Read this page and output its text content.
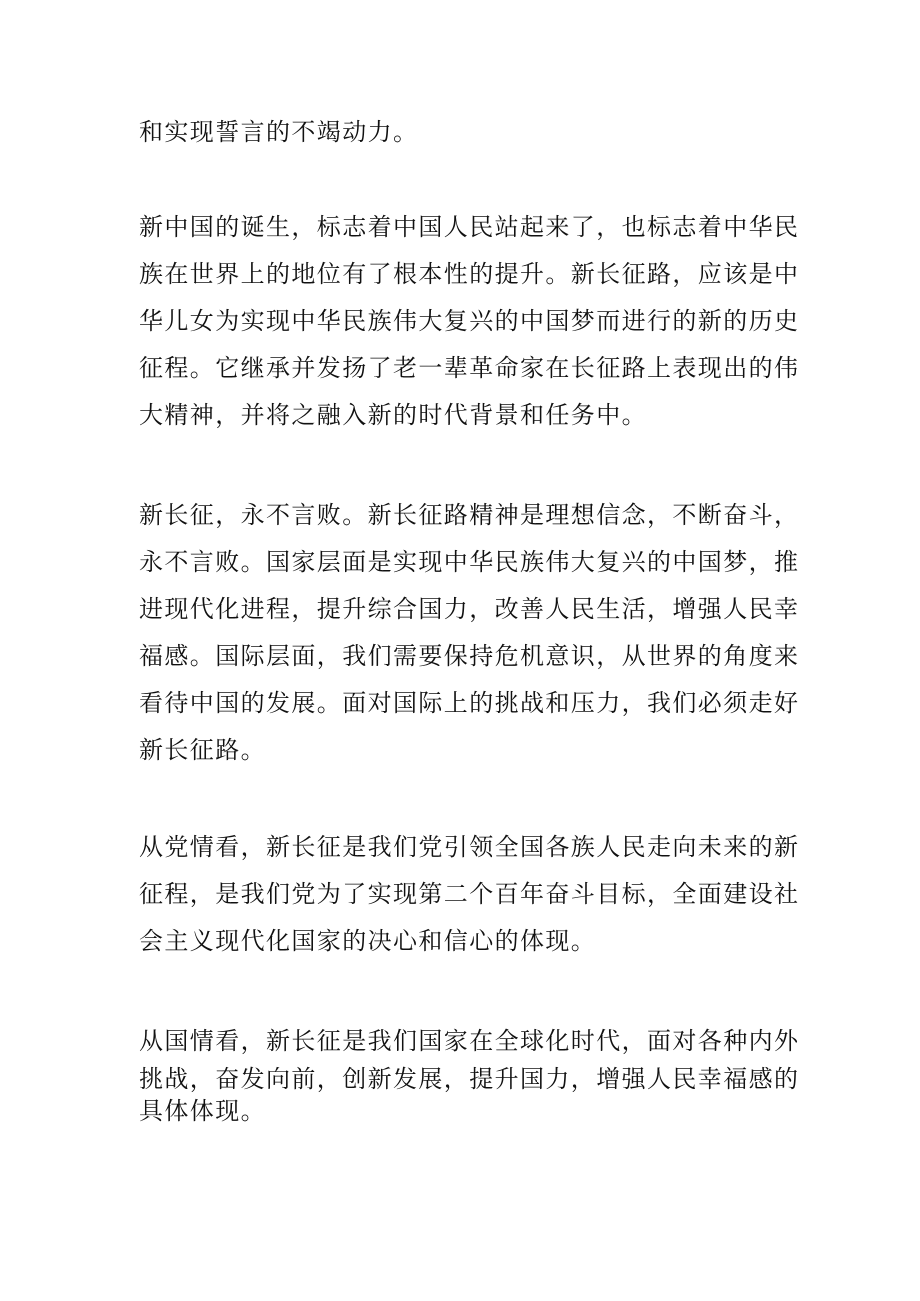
和实现誓言的不竭动力。
新中国的诞生，标志着中国人民站起来了，也标志着中华民
族在世界上的地位有了根本性的提升。新长征路，应该是中
华儿女为实现中华民族伟大复兴的中国梦而进行的新的历史
征程。它继承并发扬了老一辈革命家在长征路上表现出的伟
大精神，并将之融入新的时代背景和任务中。
新长征，永不言败。新长征路精神是理想信念，不断奋斗，
永不言败。国家层面是实现中华民族伟大复兴的中国梦，推
进现代化进程，提升综合国力，改善人民生活，增强人民幸
福感。国际层面，我们需要保持危机意识，从世界的角度来
看待中国的发展。面对国际上的挑战和压力，我们必须走好
新长征路。
从党情看，新长征是我们党引领全国各族人民走向未来的新
征程，是我们党为了实现第二个百年奋斗目标，全面建设社
会主义现代化国家的决心和信心的体现。
从国情看，新长征是我们国家在全球化时代，面对各种内外
挑战，奋发向前，创新发展，提升国力，增强人民幸福感的
具体体现。
